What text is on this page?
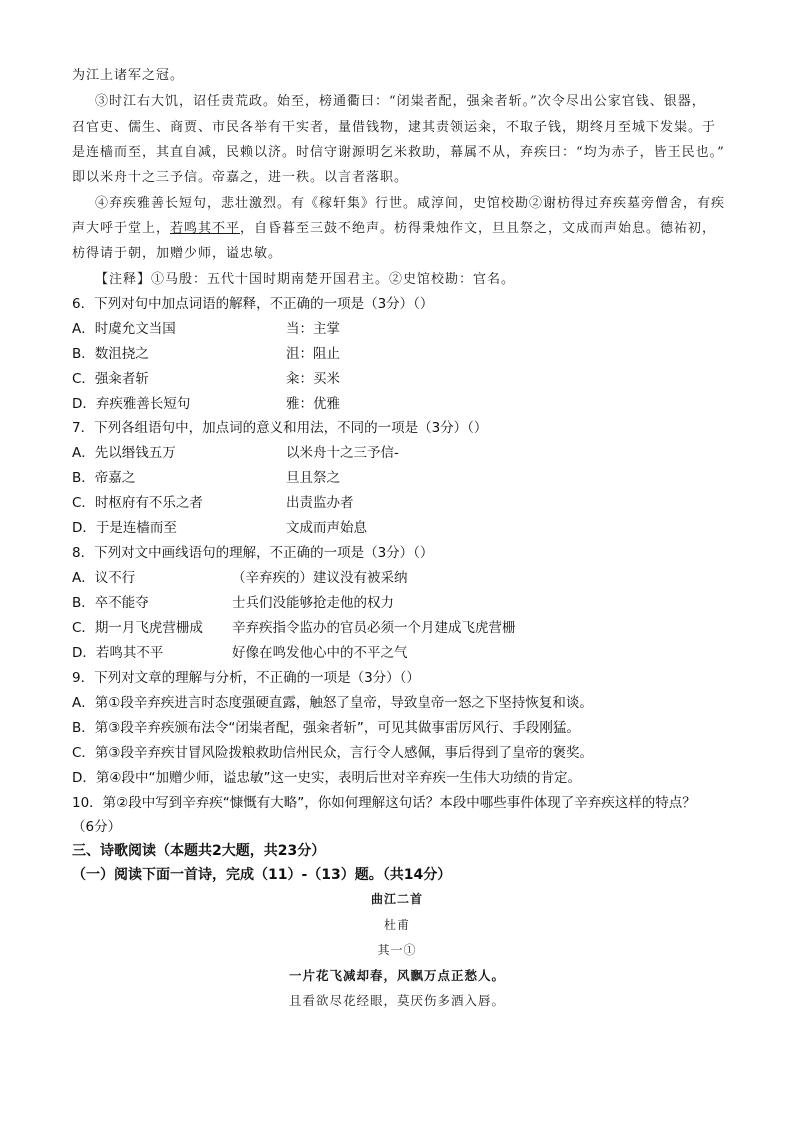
为江上诸军之冠。
③时江右大饥，诏任责荒政。始至，榜通衢曰：“闭粜者配，强籴者斩。”次令尽出公家官钱、银器，
召官吏、儒生、商贾、市民各举有干实者，量借钱物，逮其责领运籴，不取子钱，期终月至城下发粜。于
是连樯而至，其直自减，民赖以济。时信守谢源明乞米救助，幕属不从，弃疾曰：“均为赤子，皆王民也。”
即以米舟十之三予信。帝嘉之，进一秩。以言者落职。
④弃疾雅善长短句，悲壮激烈。有《稼轩集》行世。咸淳间，史馆校勘②谢枋得过弃疾墓旁僧舍，有疾
声大呼于堂上，若鸣其不平，自昏暮至三鼓不绝声。枋得秉烛作文，旦且祭之，文成而声始息。德祐初，
枋得请于朝，加赠少师，谥忠敏。
【注释】①马殷：五代十国时期南楚开国君主。②史馆校勘：官名。
6．下列对句中加点词语的解释，不正确的一项是（3分）（）
A．时虞允文当国	当：主掌
B．数沮挠之	沮：阻止
C．强籴者斩	籴：买米
D．弃疾雅善长短句	雅：优雅
7．下列各组语句中，加点词的意义和用法，不同的一项是（3分）（）
A．先以缗钱五万	以米舟十之三予信-
B．帝嘉之	旦且祭之
C．时枢府有不乐之者	出责监办者
D．于是连樯而至	文成而声始息
8．下列对文中画线语句的理解，不正确的一项是（3分）（）
A．议不行	（辛弃疾的）建议没有被采纳
B．卒不能夺	士兵们没能够抢走他的权力
C．期一月飞虎营栅成 辛弃疾指令监办的官员必须一个月建成飞虎营栅
D．若鸣其不平	好像在鸣发他心中的不平之气
9．下列对文章的理解与分析，不正确的一项是（3分）（）
A．第①段辛弃疾进言时态度强硬直露，触怒了皇帝，导致皇帝一怒之下坚持恢复和谈。
B．第③段辛弃疾颁布法令“闭粜者配，强籴者斩”，可见其做事雷厉风行、手段刚猛。
C．第③段辛弃疾甘冒风险拨粮救助信州民众，言行令人感佩，事后得到了皇帝的褒奖。
D．第④段中“加赠少师，谥忠敏”这一史实，表明后世对辛弃疾一生伟大功绩的肯定。
10．第②段中写到辛弃疾“慷慨有大略”，你如何理解这句话？本段中哪些事件体现了辛弃疾这样的特点？
（6分）
三、诗歌阅读（本题共2大题，共23分）
（一）阅读下面一首诗，完成（11）-（13）题。（共14分）
曲江二首
杜甫
其一①
一片花飞减却春，风飘万点正愁人。
且看欲尽花经眼，莫厌伤多酒入唇。
